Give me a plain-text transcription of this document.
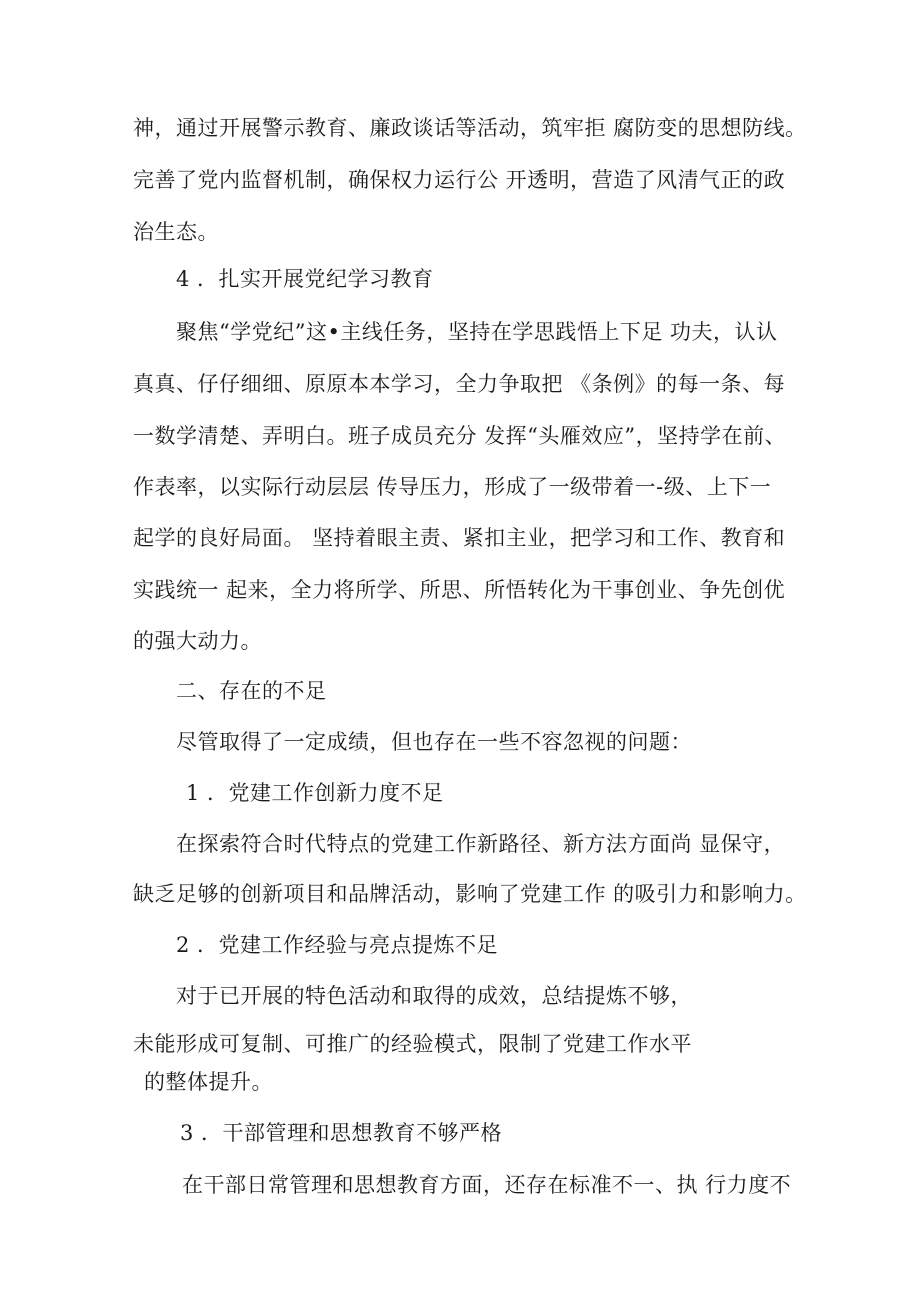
神，通过开展警示教育、廉政谈话等活动，筑牢拒 腐防变的思想防线。
完善了党内监督机制，确保权力运行公 开透明，营造了风清气正的政
治生态。
4 ．扎实开展党纪学习教育
聚焦“学党纪”这•主线任务，坚持在学思践悟上下足 功夫，认认
真真、仔仔细细、原原本本学习，全力争取把 《条例》的每一条、每
一数学清楚、弄明白。班子成员充分 发挥“头雁效应”，坚持学在前、
作表率，以实际行动层层 传导压力，形成了一级带着一-级、上下一
起学的良好局面。 坚持着眼主责、紧扣主业，把学习和工作、教育和
实践统一 起来，全力将所学、所思、所悟转化为干事创业、争先创优
的强大动力。
二、存在的不足
尽管取得了一定成绩，但也存在一些不容忽视的问题：
1 ．党建工作创新力度不足
在探索符合时代特点的党建工作新路径、新方法方面尚 显保守，
缺乏足够的创新项目和品牌活动，影响了党建工作 的吸引力和影响力。
2 ．党建工作经验与亮点提炼不足
对于已开展的特色活动和取得的成效，总结提炼不够，
未能形成可复制、可推广的经验模式，限制了党建工作水平
的整体提升。
3 ．干部管理和思想教育不够严格
在干部日常管理和思想教育方面，还存在标准不一、执 行力度不
